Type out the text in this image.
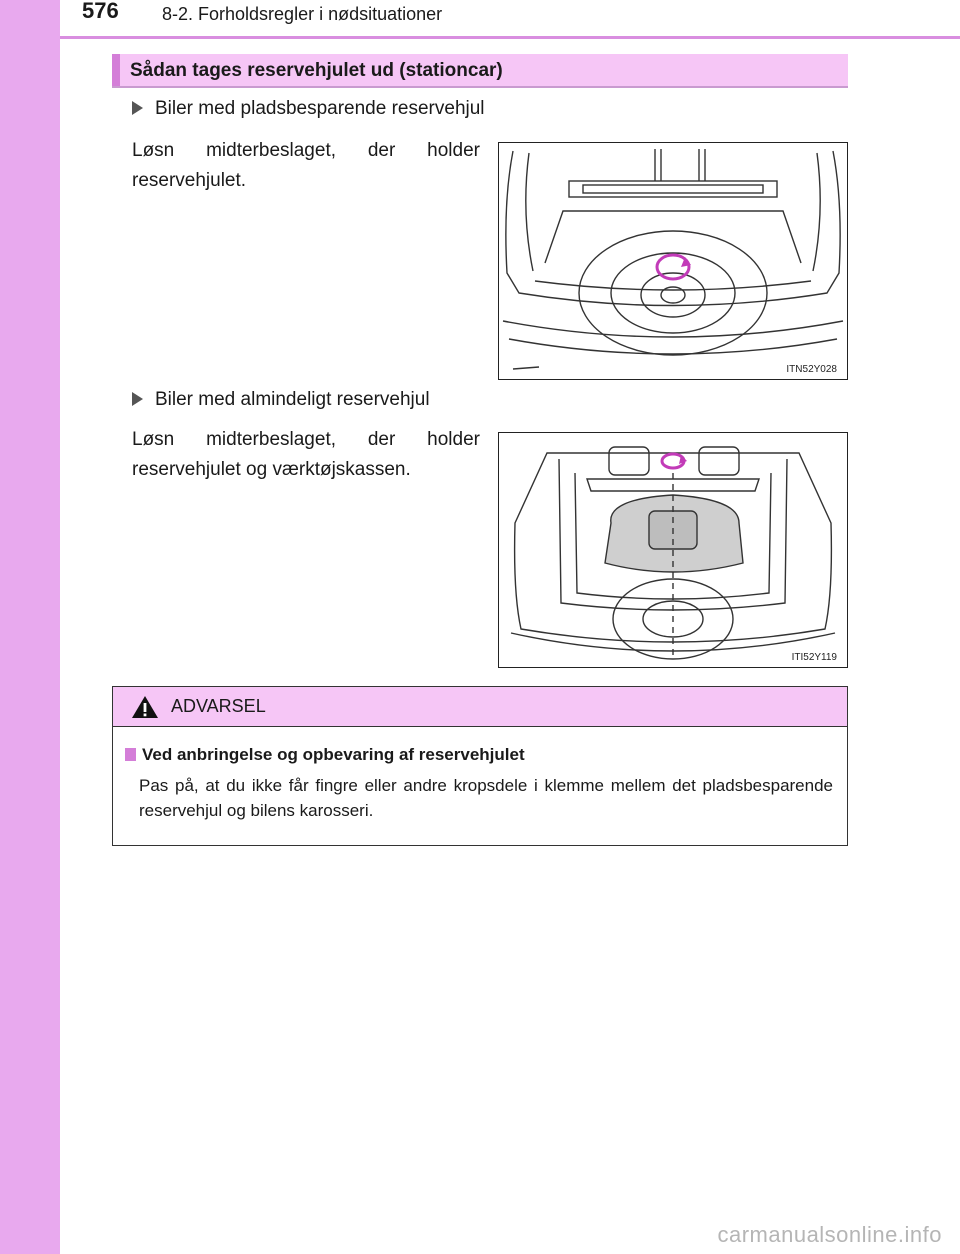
576 8-2. Forholdsregler i nødsituationer
Sådan tages reservehjulet ud (stationcar)
Biler med pladsbesparende reservehjul
Løsn midterbeslaget, der holder reservehjulet.
ITN52Y028
Biler med almindeligt reservehjul
Løsn midterbeslaget, der holder reservehjulet og værktøjskassen.
ITI52Y119
ADVARSEL
Ved anbringelse og opbevaring af reservehjulet
Pas på, at du ikke får fingre eller andre kropsdele i klemme mellem det pladsbesparende reservehjul og bilens karosseri.
carmanualsonline.info
